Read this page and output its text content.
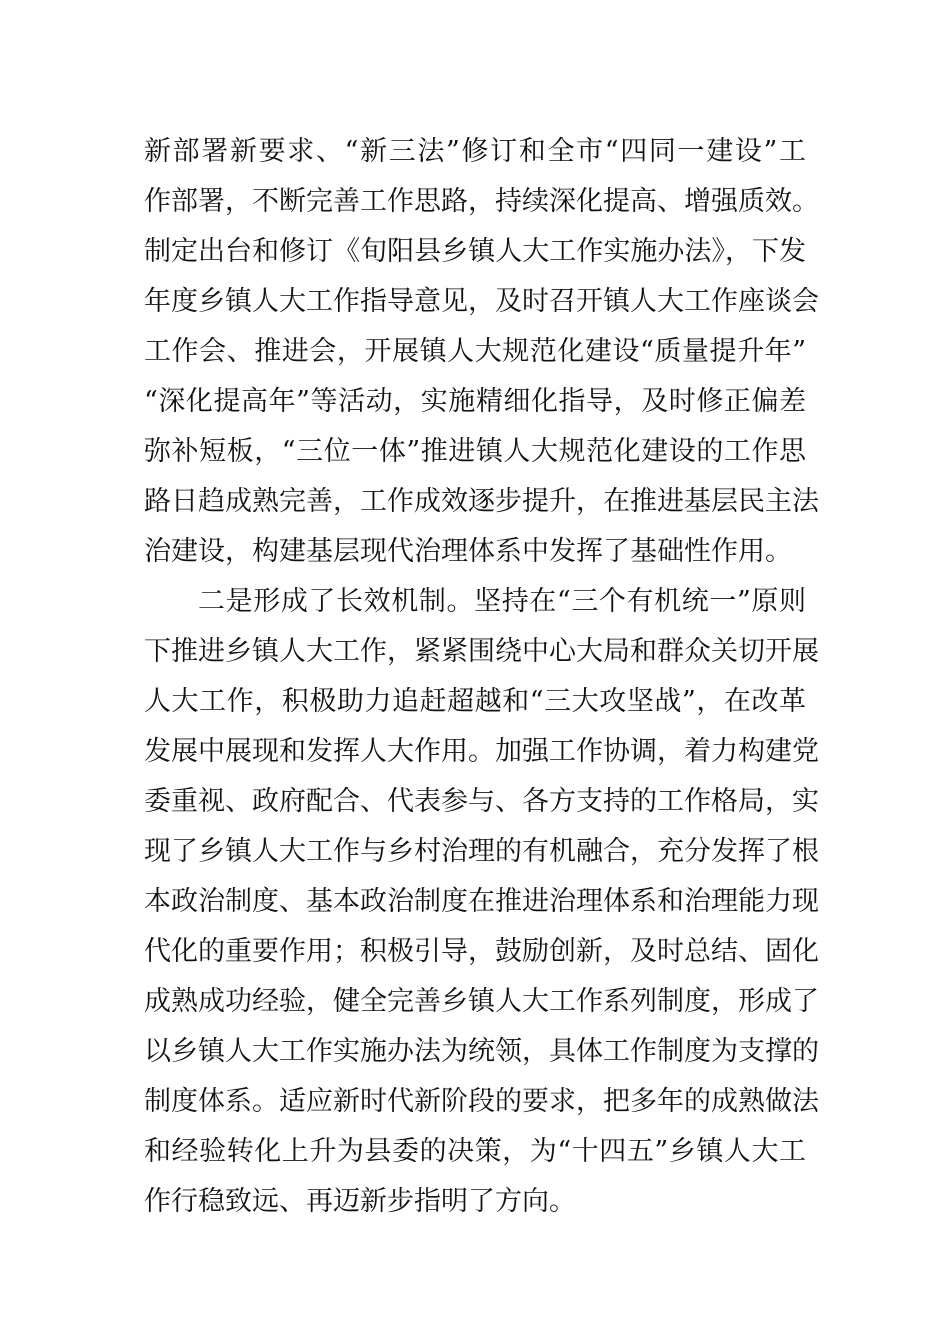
新部署新要求、“新三法”修订和全市“四同一建设”工
作部署，不断完善工作思路，持续深化提高、增强质效。
制定出台和修订《旬阳县乡镇人大工作实施办法》，下发
年度乡镇人大工作指导意见，及时召开镇人大工作座谈会
工作会、推进会，开展镇人大规范化建设“质量提升年”
“深化提高年”等活动，实施精细化指导，及时修正偏差
弥补短板，“三位一体”推进镇人大规范化建设的工作思
路日趋成熟完善，工作成效逐步提升，在推进基层民主法
治建设，构建基层现代治理体系中发挥了基础性作用。
二是形成了长效机制。坚持在“三个有机统一”原则
下推进乡镇人大工作，紧紧围绕中心大局和群众关切开展
人大工作，积极助力追赶超越和“三大攻坚战”，在改革
发展中展现和发挥人大作用。加强工作协调，着力构建党
委重视、政府配合、代表参与、各方支持的工作格局，实
现了乡镇人大工作与乡村治理的有机融合，充分发挥了根
本政治制度、基本政治制度在推进治理体系和治理能力现
代化的重要作用；积极引导，鼓励创新，及时总结、固化
成熟成功经验，健全完善乡镇人大工作系列制度，形成了
以乡镇人大工作实施办法为统领，具体工作制度为支撑的
制度体系。适应新时代新阶段的要求，把多年的成熟做法
和经验转化上升为县委的决策，为“十四五”乡镇人大工
作行稳致远、再迈新步指明了方向。
